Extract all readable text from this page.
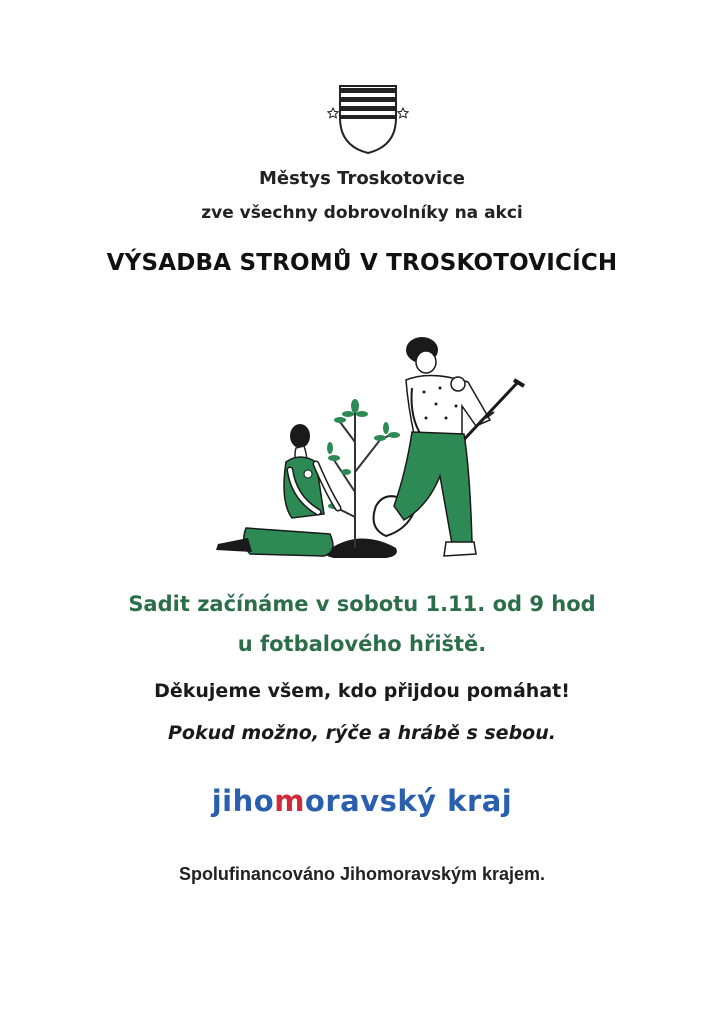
Městys Troskotovice
zve všechny dobrovolníky na akci
VÝSADBA STROMŮ V TROSKOTOVICÍCH
Sadit začínáme v sobotu 1.11. od 9 hod
u fotbalového hřiště.
Děkujeme všem, kdo přijdou pomáhat!
Pokud možno, rýče a hrábě s sebou.
jihomoravský kraj
Spolufinancováno Jihomoravským krajem.
